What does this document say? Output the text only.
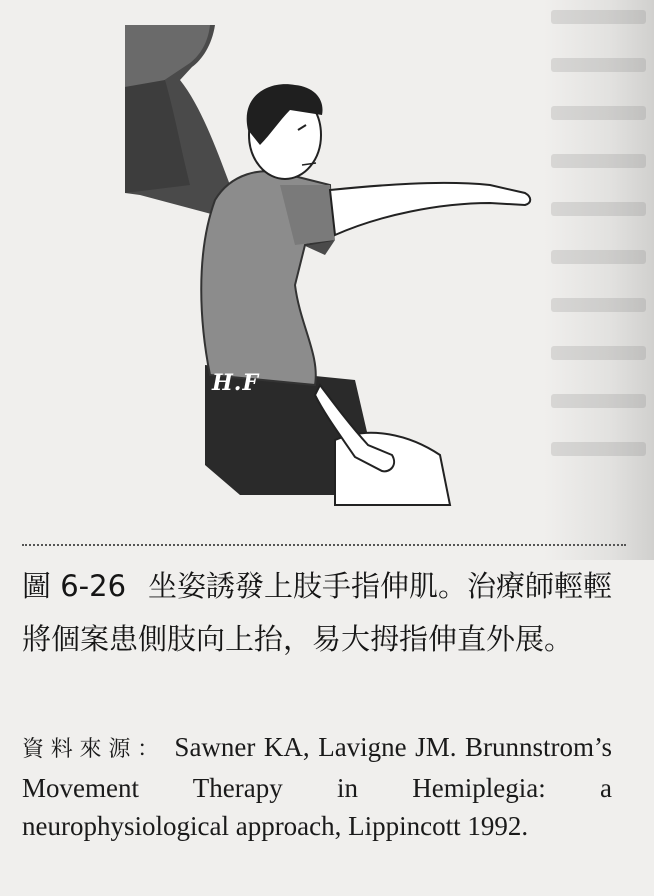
H.F
圖 6-26 坐姿誘發上肢手指伸肌。治療師輕輕將個案患側肢向上抬，易大拇指伸直外展。
資料來源： Sawner KA, Lavigne JM. Brunnstrom’s Movement Therapy in Hemiplegia: a neurophysiological approach, Lippincott 1992.
